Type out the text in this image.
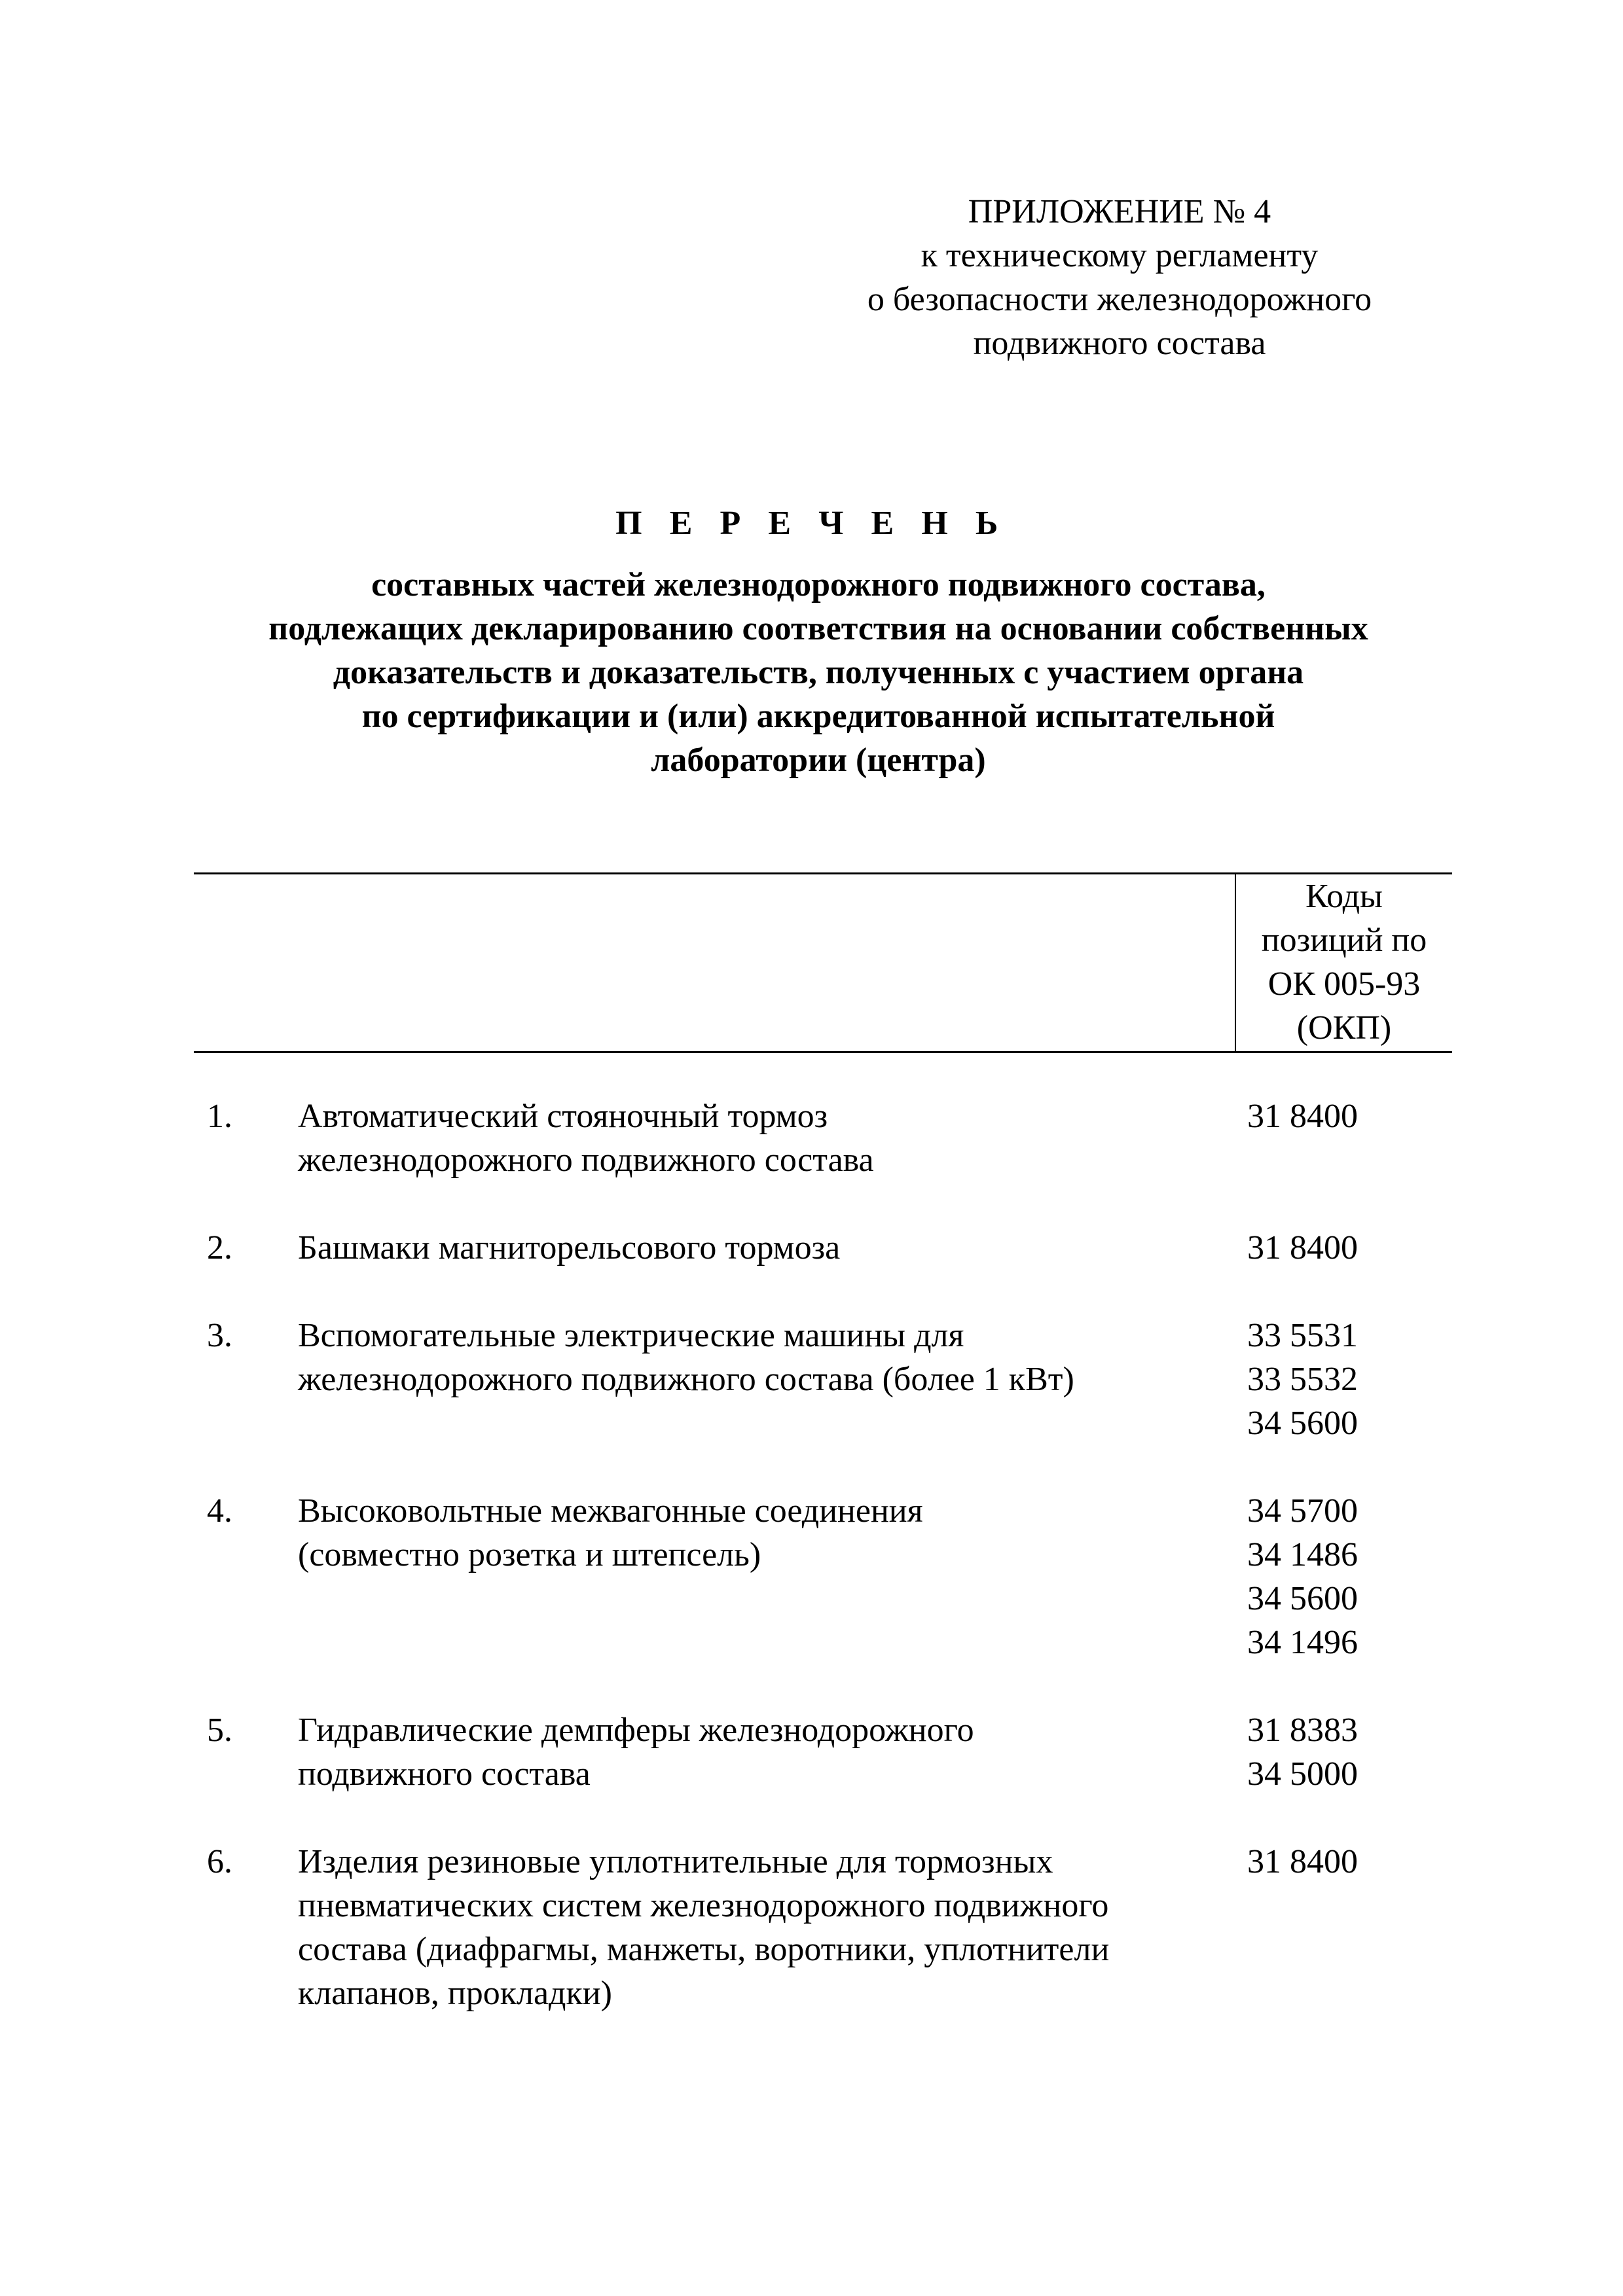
ПРИЛОЖЕНИЕ № 4
к техническому регламенту
о безопасности железнодорожного
подвижного состава
П Е Р Е Ч Е Н Ь
составных частей железнодорожного подвижного состава,
подлежащих декларированию соответствия на основании собственных
доказательств и доказательств, полученных с участием органа
по сертификации и (или) аккредитованной испытательной
лаборатории (центра)
Коды
позиций по
ОК 005-93
(ОКП)
1. Автоматический стояночный тормоз
железнодорожного подвижного состава
31 8400
2. Башмаки магниторельсового тормоза	31 8400
3. Вспомогательные электрические машины для
железнодорожного подвижного состава (более 1 кВт)

33 5531
33 5532
34 5600
4. Высоковольтные межвагонные соединения
(совместно розетка и штепсель)

34 5700
34 1486
34 5600
34 1496
5. Гидравлические демпферы железнодорожного
подвижного состава
31 8383
34 5000
6. Изделия резиновые уплотнительные для тормозных
пневматических систем железнодорожного подвижного
состава (диафрагмы, манжеты, воротники, уплотнители
клапанов, прокладки)
31 8400
